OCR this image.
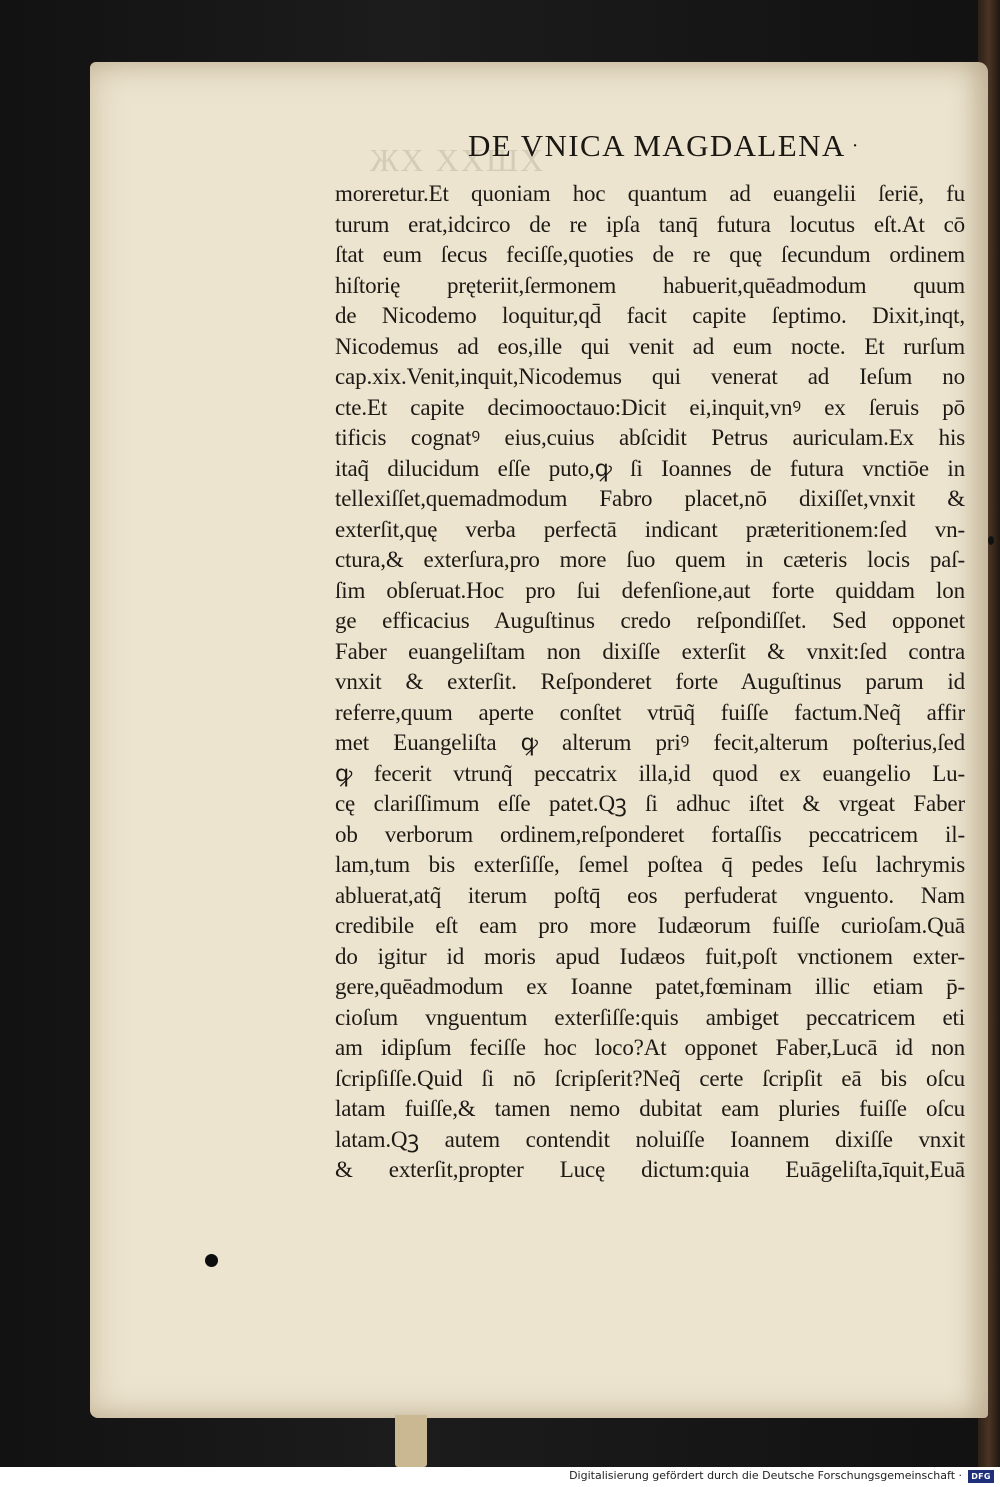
ЖХ ХХШХ
DE VNICA MAGDALENA ·
moreretur.Et quoniam hoc quantum ad euangelii ſeriē, fu
turum erat,idcirco de re ipſa tanq̄ futura locutus eſt.At cō
ſtat eum ſecus feciſſe,quoties de re quę ſecundum ordinem
hiſtorię pręteriit,ſermonem habuerit,quēadmodum quum
de Nicodemo loquitur,qd̄ facit capite ſeptimo. Dixit,inqt,
Nicodemus ad eos,ille qui venit ad eum nocte. Et rurſum
cap.xix.Venit,inquit,Nicodemus qui venerat ad Ieſum no
cte.Et capite decimooctauo:Dicit ei,inquit,vnꝰ ex ſeruis pō
tificis cognatꝰ eius,cuius abſcidit Petrus auriculam.Ex his
itaq̃ dilucidum eſſe puto,ꝙ ſi Ioannes de futura vnctiōe in
tellexiſſet,quemadmodum Fabro placet,nō dixiſſet,vnxit &
exterſit,quę verba perfectā indicant præteritionem:ſed vn-
ctura,& exterſura,pro more ſuo quem in cæteris locis paſ-
ſim obſeruat.Hoc pro ſui defenſione,aut forte quiddam lon
ge efficacius Auguſtinus credo reſpondiſſet. Sed opponet
Faber euangeliſtam non dixiſſe exterſit & vnxit:ſed contra
vnxit & exterſit. Reſponderet forte Auguſtinus parum id
referre,quum aperte conſtet vtrūq̃ fuiſſe factum.Neq̃ affir
met Euangeliſta ꝙ alterum priꝰ fecit,alterum poſterius,ſed
ꝙ fecerit vtrunq̃ peccatrix illa,id quod ex euangelio Lu-
cę clariſſimum eſſe patet.Qꝫ ſi adhuc iſtet & vrgeat Faber
ob verborum ordinem,reſponderet fortaſſis peccatricem il-
lam,tum bis exterſiſſe, ſemel poſtea q̄ pedes Ieſu lachrymis
abluerat,atq̃ iterum poſtq̄ eos perfuderat vnguento. Nam
credibile eſt eam pro more Iudæorum fuiſſe curioſam.Quā
do igitur id moris apud Iudæos fuit,poſt vnctionem exter-
gere,quēadmodum ex Ioanne patet,fœminam illic etiam p̄-
cioſum vnguentum exterſiſſe:quis ambiget peccatricem eti
am idipſum feciſſe hoc loco?At opponet Faber,Lucā id non
ſcripſiſſe.Quid ſi nō ſcripſerit?Neq̃ certe ſcripſit eā bis oſcu
latam fuiſſe,& tamen nemo dubitat eam pluries fuiſſe oſcu
latam.Qꝫ autem contendit noluiſſe Ioannem dixiſſe vnxit
& exterſit,propter Lucę dictum:quia Euāgeliſta,īquit,Euā
Digitalisierung gefördert durch die Deutsche Forschungsgemeinschaft ·	DFG
